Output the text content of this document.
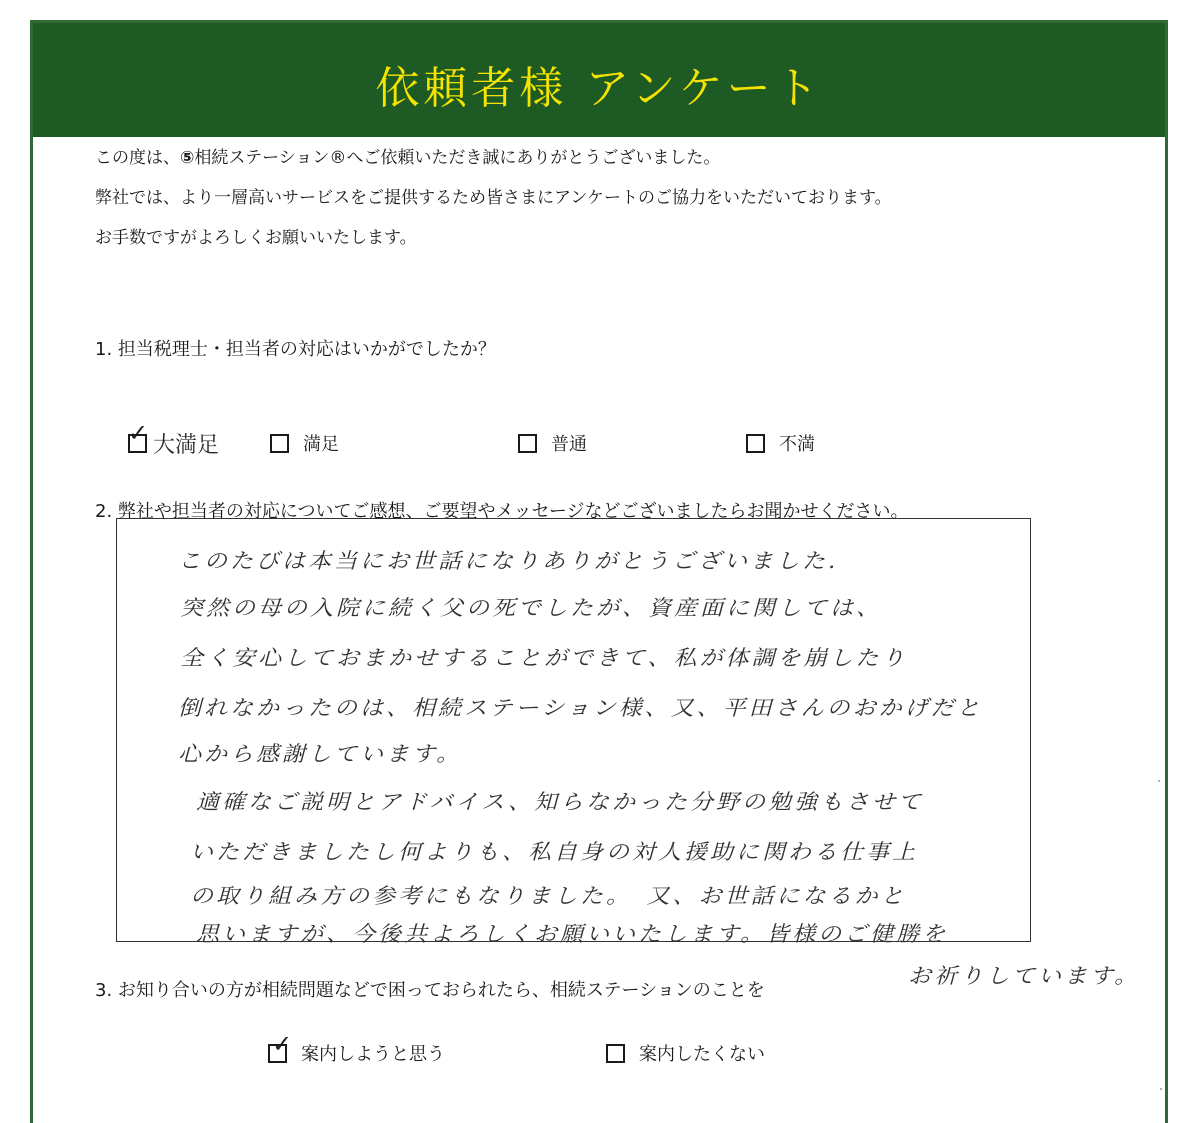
依頼者様 アンケート

この度は、⑤相続ステーション®へご依頼いただき誠にありがとうございました。

弊社では、より一層高いサービスをご提供するため皆さまにアンケートのご協力をいただいております。

お手数ですがよろしくお願いいたします。

1. 担当税理士・担当者の対応はいかがでしたか？
✓ 大満足	満足	普通	不満
2. 弊社や担当者の対応についてご感想、ご要望やメッセージなどございましたらお聞かせください。
このたびは本当にお世話になりありがとうございました.
突然の母の入院に続く父の死でしたが、資産面に関しては、
全く安心しておまかせすることができて、私が体調を崩したり
倒れなかったのは、相続ステーション様、又、平田さんのおかげだと
心から感謝しています。
適確なご説明とアドバイス、知らなかった分野の勉強もさせて
いただきましたし何よりも、私自身の対人援助に関わる仕事上
の取り組み方の参考にもなりました。　又、お世話になるかと
思いますが、今後共よろしくお願いいたします。皆様のご健勝を
お祈りしています。
3. お知り合いの方が相続問題などで困っておられたら、相続ステーションのことを
✓ 案内しようと思う	案内したくない
